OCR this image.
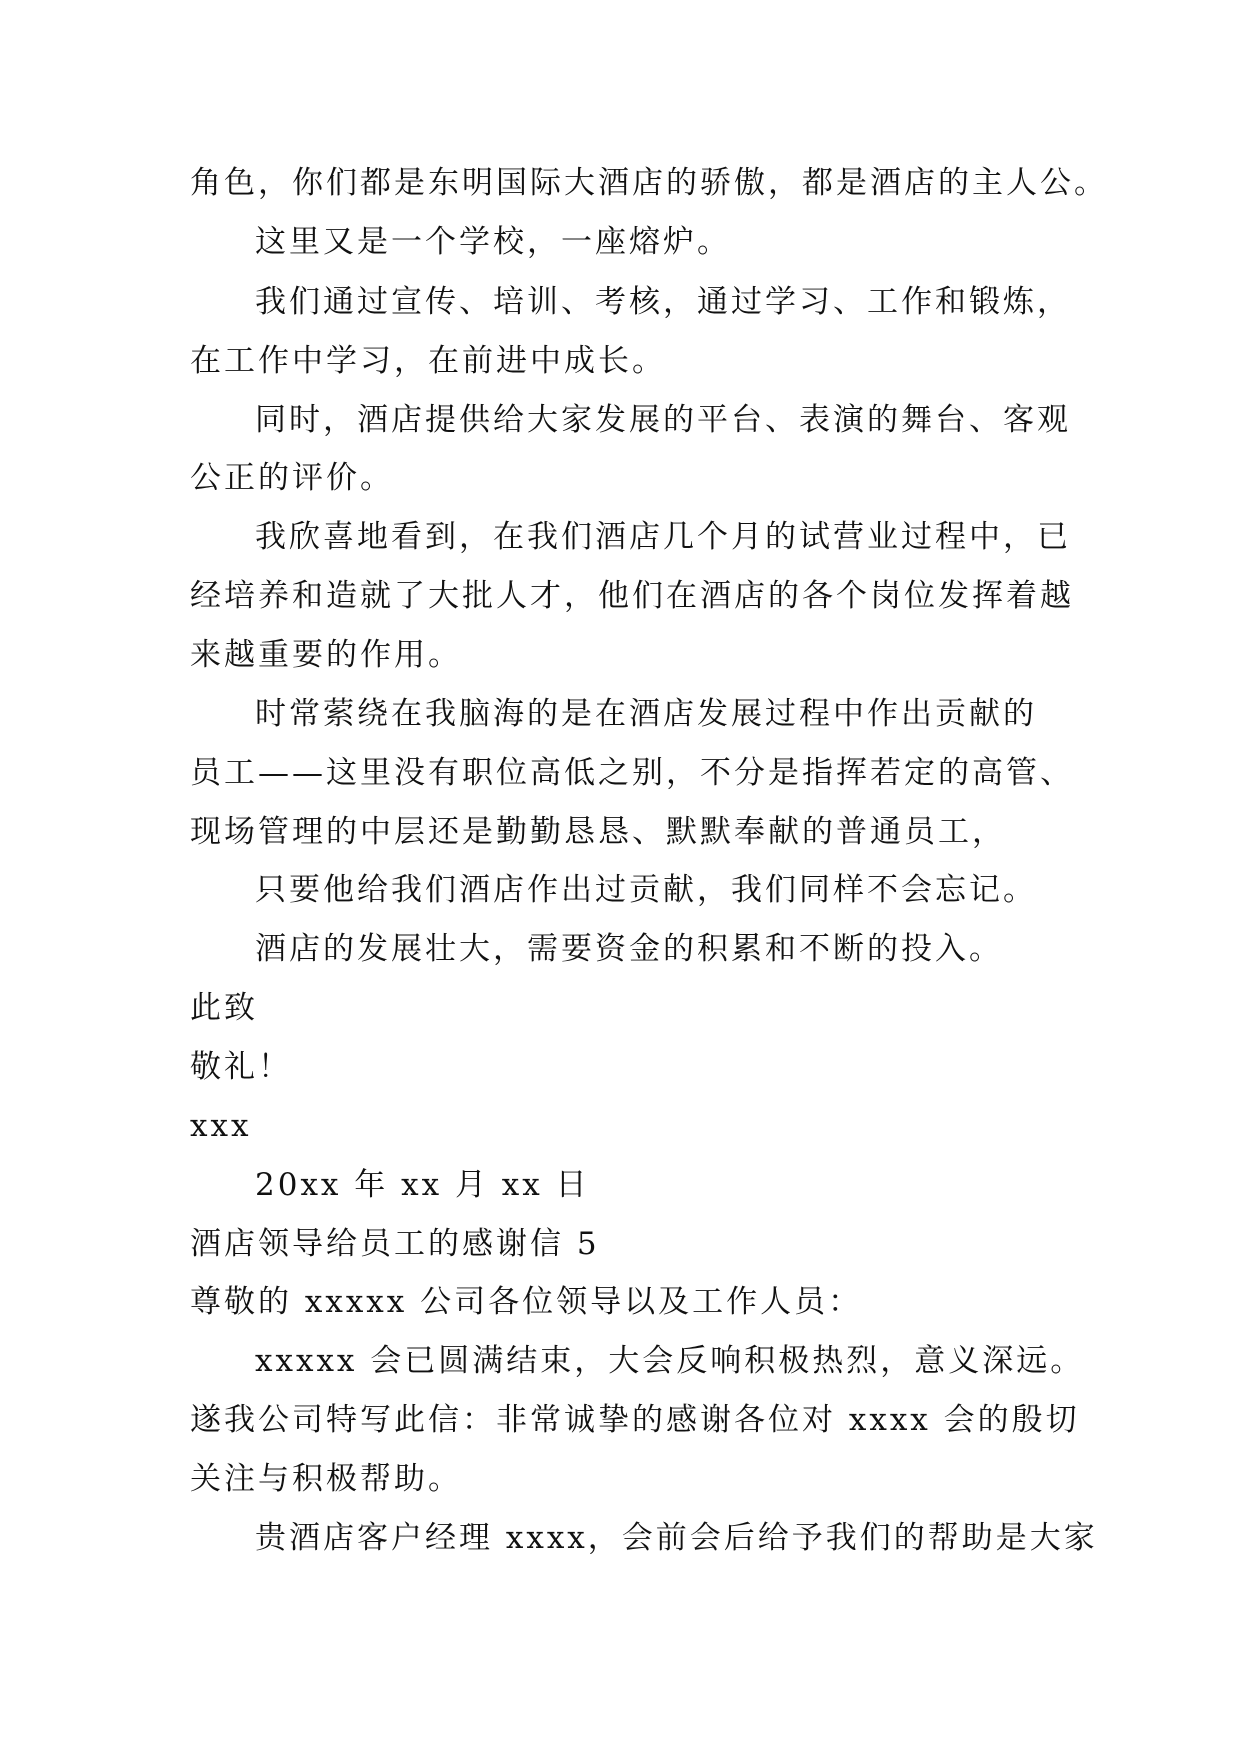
角色，你们都是东明国际大酒店的骄傲，都是酒店的主人公。
这里又是一个学校，一座熔炉。
我们通过宣传、培训、考核，通过学习、工作和锻炼，
在工作中学习，在前进中成长。
同时，酒店提供给大家发展的平台、表演的舞台、客观
公正的评价。
我欣喜地看到，在我们酒店几个月的试营业过程中，已
经培养和造就了大批人才，他们在酒店的各个岗位发挥着越
来越重要的作用。
时常萦绕在我脑海的是在酒店发展过程中作出贡献的
员工——这里没有职位高低之别，不分是指挥若定的高管、
现场管理的中层还是勤勤恳恳、默默奉献的普通员工，
只要他给我们酒店作出过贡献，我们同样不会忘记。
酒店的发展壮大，需要资金的积累和不断的投入。
此致
敬礼！
xxx
20xx 年 xx 月 xx 日
酒店领导给员工的感谢信 5
尊敬的 xxxxx 公司各位领导以及工作人员：
xxxxx 会已圆满结束，大会反响积极热烈，意义深远。
遂我公司特写此信：非常诚挚的感谢各位对 xxxx 会的殷切
关注与积极帮助。
贵酒店客户经理 xxxx，会前会后给予我们的帮助是大家
